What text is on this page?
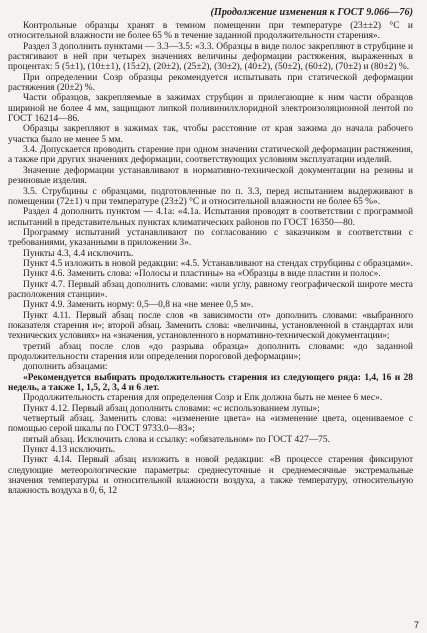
(Продолжение изменения к ГОСТ 9.066—76)

Контрольные образцы хранят в темном помещении при температуре (23±±2) °С и относительной влажности не более 65 % в течение заданной продолжительности старения».

Раздел 3 дополнить пунктами — 3.3—3.5: «3.3. Образцы в виде полос закрепляют в струбцине и растягивают в ней при четырех значениях величины деформации растяжения, выраженных в процентах: 5 (5±1), (10±±1), (15±2), (20±2), (25±2), (30±2), (40±2), (50±2), (60±2), (70±2) и (80±2) %.

При определении Cозр образцы рекомендуется испытывать при статической деформации растяжения (20±2) %.

Части образцов, закрепляемые в зажимах струбцин и прилегающие к ним части образцов шириной не более 4 мм, защищают липкой поливинилхлоридной электроизоляционной лентой по ГОСТ 16214—86.

Образцы закрепляют в зажимах так, чтобы расстояние от края зажима до начала рабочего участка было не менее 5 мм.

3.4. Допускается проводить старение при одном значении статической деформации растяжения, а также при других значениях деформации, соответствующих условиям эксплуатации изделий.

Значение деформации устанавливают в нормативно-технической документации на резины и резиновые изделия.

3.5. Струбцины с образцами, подготовленные по п. 3.3, перед испытанием выдерживают в помещении (72±1) ч при температуре (23±2) °С и относительной влажности не более 65 %».

Раздел 4 дополнить пунктом — 4.1а: «4.1а. Испытания проводят в соответствии с программой испытаний в представительных пунктах климатических районов по ГОСТ 16350—80.

Программу испытаний устанавливают по согласованию с заказчиком в соответствии с требованиями, указанными в приложении 3».

Пункты 4.3, 4.4 исключить.

Пункт 4.5 изложить в новой редакции: «4.5. Устанавливают на стендах струбцины с образцами».

Пункт 4.6. Заменить слова: «Полосы и пластины» на «Образцы в виде пластин и полос».

Пункт 4.7. Первый абзац дополнить словами: «или углу, равному географической широте места расположения станции».

Пункт 4.9. Заменить норму: 0,5—0,8 на «не менее 0,5 м».

Пункт 4.11. Первый абзац после слов «в зависимости от» дополнить словами: «выбранного показателя старения и»; второй абзац. Заменить слова: «величины, установленной в стандартах или технических условиях» на «значения, установленного в нормативно-технической документации»;

третий абзац после слов «до разрыва образца» дополнить словами: «до заданной продолжительности старения или определения пороговой деформации»;

дополнить абзацами:

«Рекомендуется выбирать продолжительность старения из следующего ряда: 1,4, 16 и 28 недель, а также 1, 1,5, 2, 3, 4 и 6 лет.

Продолжительность старения для определения Cозр и Eпк должна быть не менее 6 мес».

Пункт 4.12. Первый абзац дополнить словами: «с использованием лупы»;

четвертый абзац. Заменить слова: «изменение цвета» на «изменение цвета, оцениваемое с помощью серой шкалы по ГОСТ 9733.0—83»;

пятый абзац. Исключить слова и ссылку: «обязательном» по ГОСТ 427—75.

Пункт 4.13 исключить.

Пункт 4.14. Первый абзац изложить в новой редакции: «В процессе старения фиксируют следующие метеорологические параметры: среднесуточные и среднемесячные экстремальные значения температуры и относительной влажности воздуха, а также температуру, относительную влажность воздуха в 0, 6, 12

7
